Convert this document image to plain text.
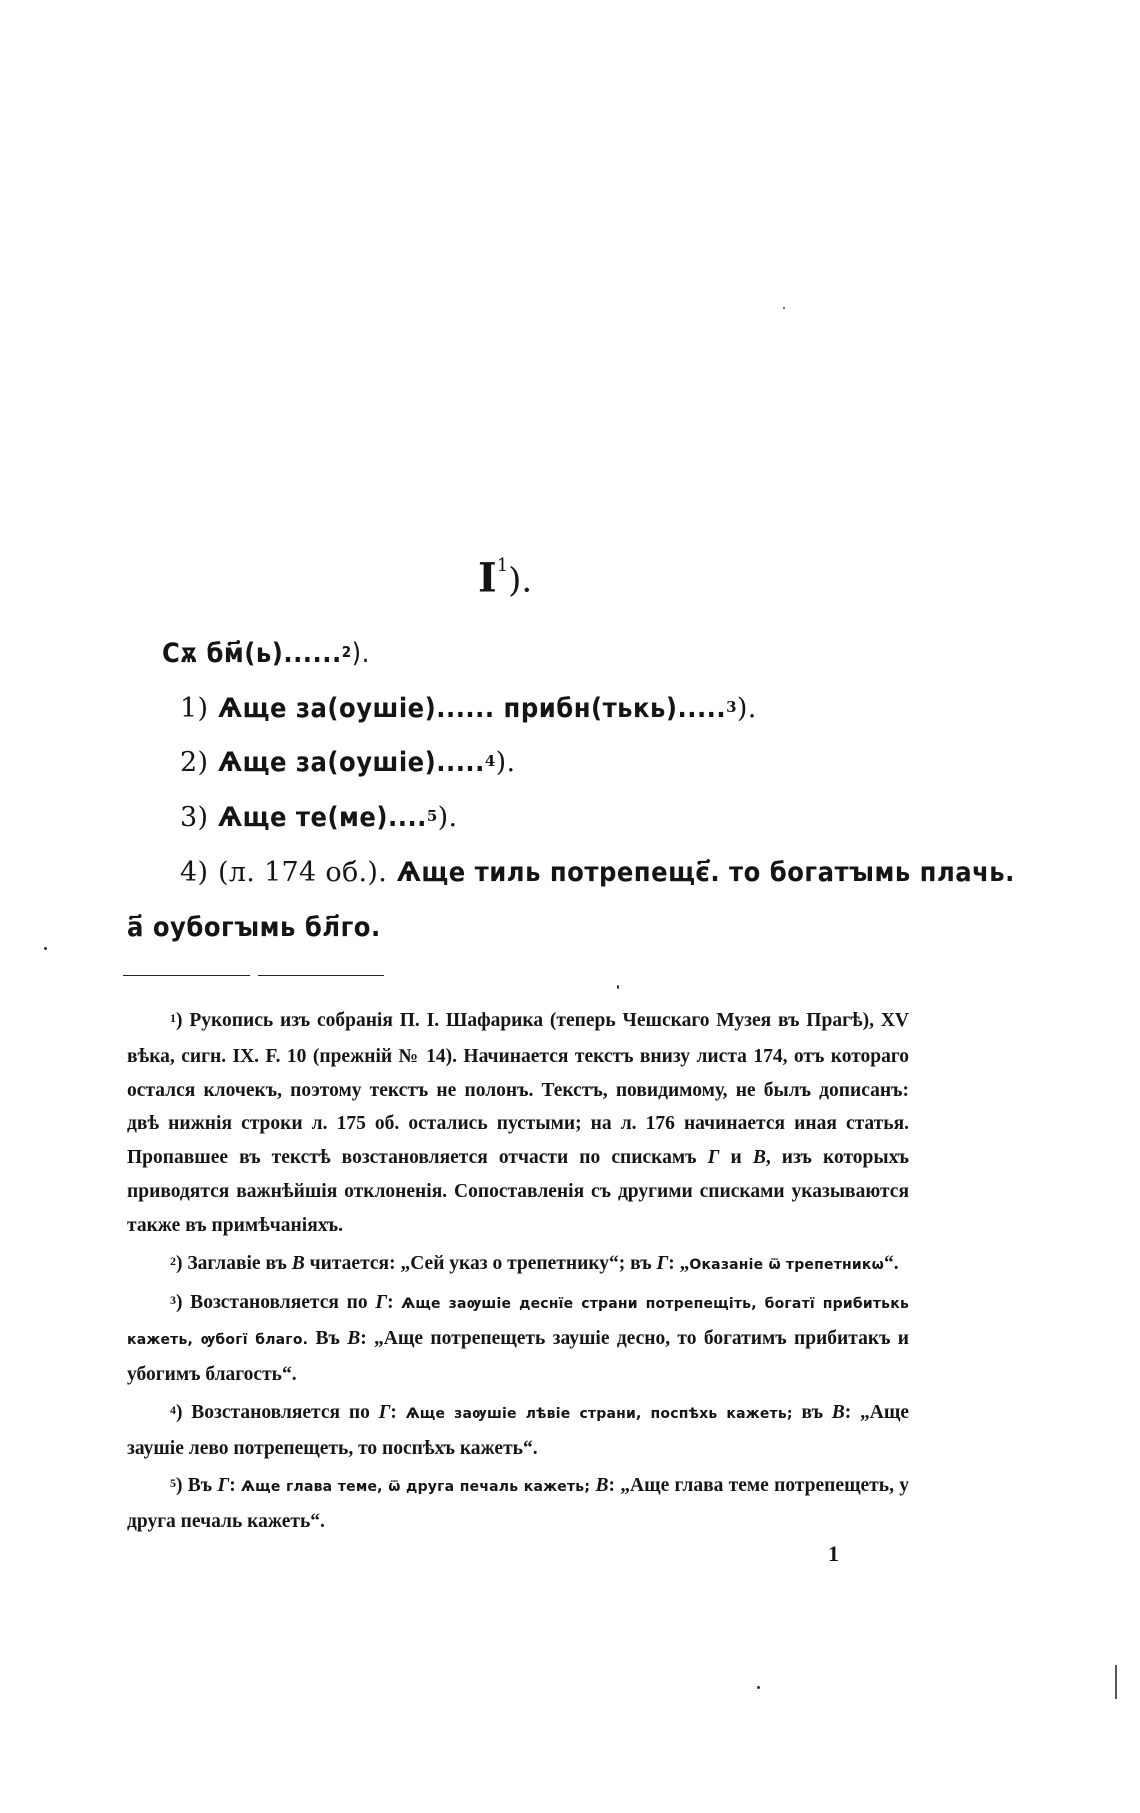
$I^1$).
Сѫ бм҃(ь)......$^2$).
1) Ѧще за(оушіе)...... прибн(тькь).....$^3$).
2) Ѧще за(оушіе).....$^4$).
3) Ѧще те(ме)....$^5$).
4) (л. 174 об.). Ѧще тиль потрепещє҃. то богатꙑмь плачь.
а҃ оубогꙑмь бл҃го.

$^1$) Рукопись изъ собранія П. I. Шафарика (теперь Чешскаго Музея въ Прагѣ), XV вѣка, сигн. IX. F. 10 (прежній № 14). Начинается текстъ внизу листа 174, отъ котораго остался клочекъ, поэтому текстъ не полонъ. Текстъ, повидимому, не былъ дописанъ: двѣ нижнія строки л. 175 об. остались пустыми; на л. 176 начинается иная статья. Пропавшее въ текстѣ возстановляется отчасти по спискамъ Г и В, изъ которыхъ приводятся важнѣйшія отклоненія. Сопоставленія съ другими списками указываются также въ примѣчаніяхъ.

$^2$) Заглавіе въ В читается: „Сей указ о трепетнику“; въ Г: „Оказаніе ѿ трепетникѡ“.

$^3$) Возстановляется по Г: Ѧще заѹшіе деснїе страни потрепещіть, богатї прибитькь кажеть, ѹбогї благо. Въ В: „Аще потрепещеть заушіе десно, то богатимъ прибитакъ и убогимъ благость“.

$^4$) Возстановляется по Г: Ѧще заѹшіе лѣвіе страни, поспѣхь кажеть; въ В: „Аще заушіе лево потрепещеть, то поспѣхъ кажеть“.

$^5$) Въ Г: Ѧще глава теме, ѿ друга печаль кажеть; В: „Аще глава теме потрепещеть, у друга печаль кажеть“.

1
